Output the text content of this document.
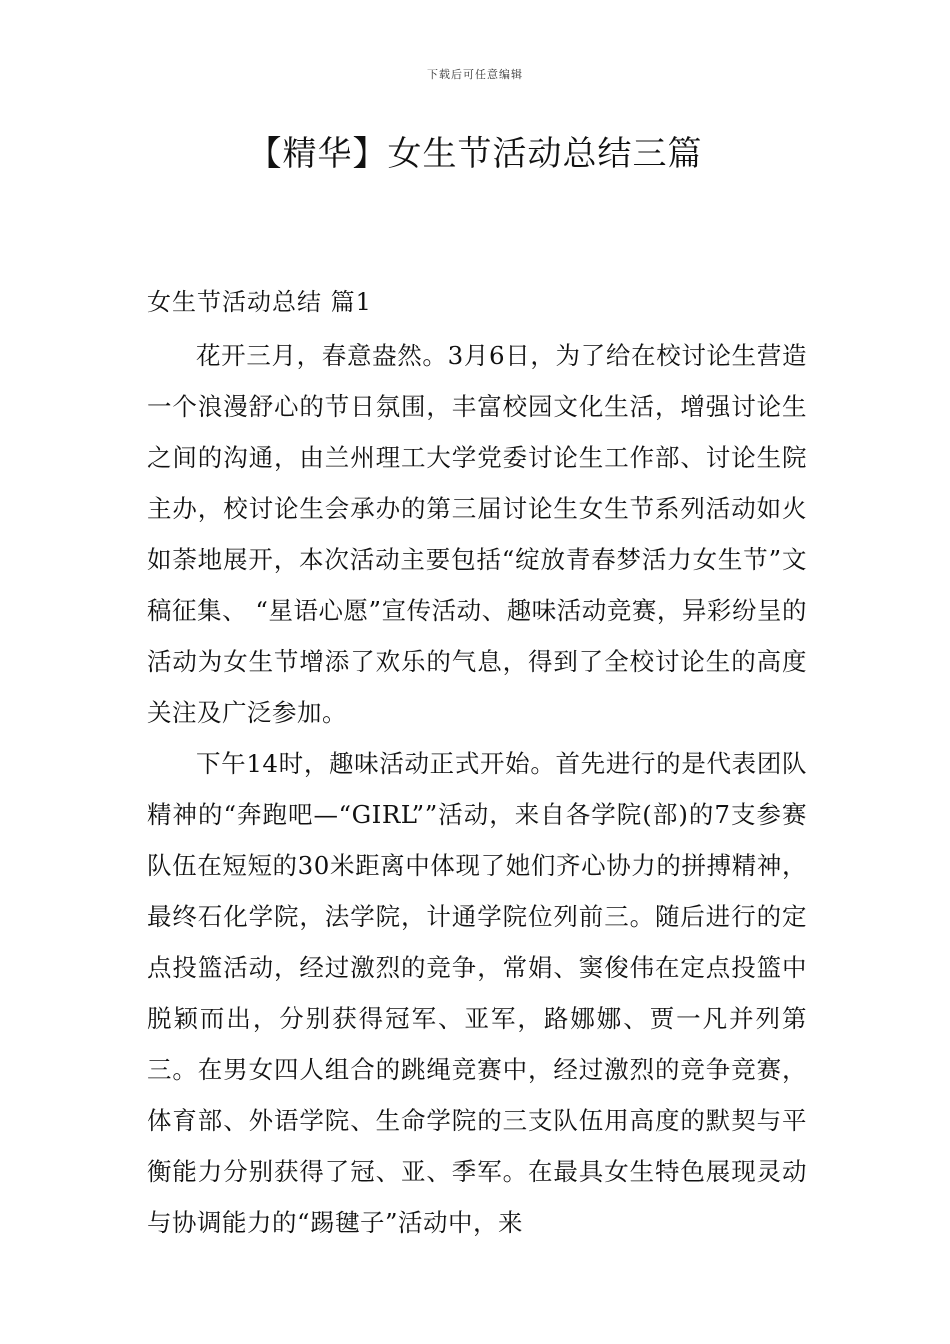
下载后可任意编辑
【精华】女生节活动总结三篇
女生节活动总结 篇1

花开三月，春意盎然。3月6日，为了给在校讨论生营造一个浪漫舒心的节日氛围，丰富校园文化生活，增强讨论生之间的沟通，由兰州理工大学党委讨论生工作部、讨论生院主办，校讨论生会承办的第三届讨论生女生节系列活动如火如荼地展开，本次活动主要包括“绽放青春梦活力女生节”文稿征集、 “星语心愿”宣传活动、趣味活动竞赛，异彩纷呈的活动为女生节增添了欢乐的气息，得到了全校讨论生的高度关注及广泛参加。

下午14时，趣味活动正式开始。首先进行的是代表团队精神的“奔跑吧—“GIRL””活动，来自各学院(部)的7支参赛队伍在短短的30米距离中体现了她们齐心协力的拼搏精神，最终石化学院，法学院，计通学院位列前三。随后进行的定点投篮活动，经过激烈的竞争，常娟、窦俊伟在定点投篮中脱颖而出，分别获得冠军、亚军，路娜娜、贾一凡并列第三。在男女四人组合的跳绳竞赛中，经过激烈的竞争竞赛，体育部、外语学院、生命学院的三支队伍用高度的默契与平衡能力分别获得了冠、亚、季军。在最具女生特色展现灵动与协调能力的“踢毽子”活动中，来
